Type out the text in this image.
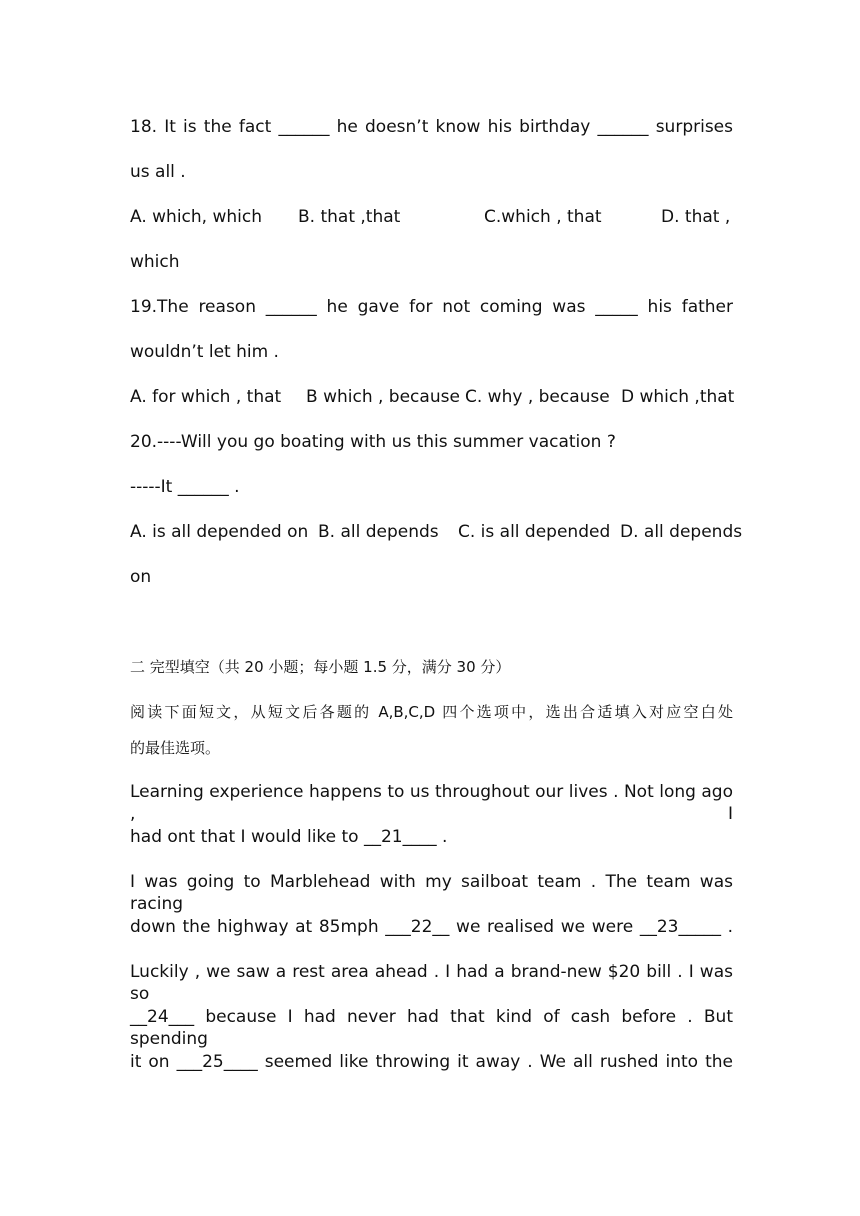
18. It is the fact ______ he doesn’t know his birthday ______ surprises
us all .
A. which, which B. that ,that	C.which , that	D. that ,
which
19.The reason ______ he gave for not coming was _____ his father
wouldn’t let him .
A. for which , that B which , because C. why , because D which ,that
20.----Will you go boating with us this summer vacation ?
-----It ______ .
A. is all depended on B. all depends C. is all depended D. all depends
on
二 完型填空（共 20 小题；每小题 1.5 分，满分 30 分）
阅读下面短文，从短文后各题的 A,B,C,D 四个选项中，选出合适填入对应空白处
的最佳选项。
Learning experience happens to us throughout our lives . Not long ago , I
had ont that I would like to __21____ .
I was going to Marblehead with my sailboat team . The team was racing
down the highway at 85mph ___22__ we realised we were __23_____ .
Luckily , we saw a rest area ahead . I had a brand-new $20 bill . I was so
__24___ because I had never had that kind of cash before . But spending
it on ___25____ seemed like throwing it away . We all rushed into the
